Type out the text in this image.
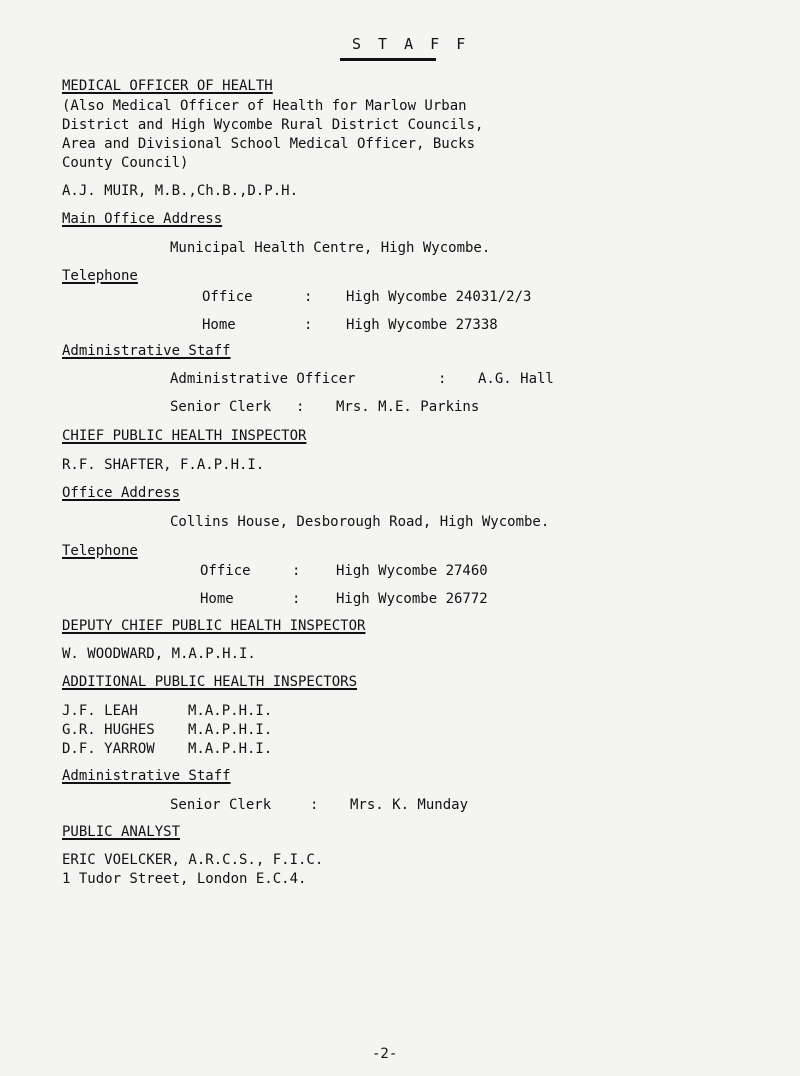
S T A F F
MEDICAL OFFICER OF HEALTH
(Also Medical Officer of Health for Marlow Urban
District and High Wycombe Rural District Councils,
Area and Divisional School Medical Officer, Bucks
County Council)
A.J. MUIR, M.B.,Ch.B.,D.P.H.
Main Office Address
Municipal Health Centre, High Wycombe.
Telephone
Office	: High Wycombe 24031/2/3
Home	: High Wycombe 27338
Administrative Staff
Administrative Officer	: A.G. Hall
Senior Clerk : Mrs. M.E. Parkins
CHIEF PUBLIC HEALTH INSPECTOR
R.F. SHAFTER, F.A.P.H.I.
Office Address
Collins House, Desborough Road, High Wycombe.
Telephone
Office	:	High Wycombe 27460
Home	:	High Wycombe 26772
DEPUTY CHIEF PUBLIC HEALTH INSPECTOR
W. WOODWARD, M.A.P.H.I.
ADDITIONAL PUBLIC HEALTH INSPECTORS
J.F. LEAH	M.A.P.H.I.
G.R. HUGHES M.A.P.H.I.
D.F. YARROW M.A.P.H.I.
Administrative Staff
Senior Clerk	: Mrs. K. Munday
PUBLIC ANALYST
ERIC VOELCKER, A.R.C.S., F.I.C.
1 Tudor Street, London E.C.4.
-2-
